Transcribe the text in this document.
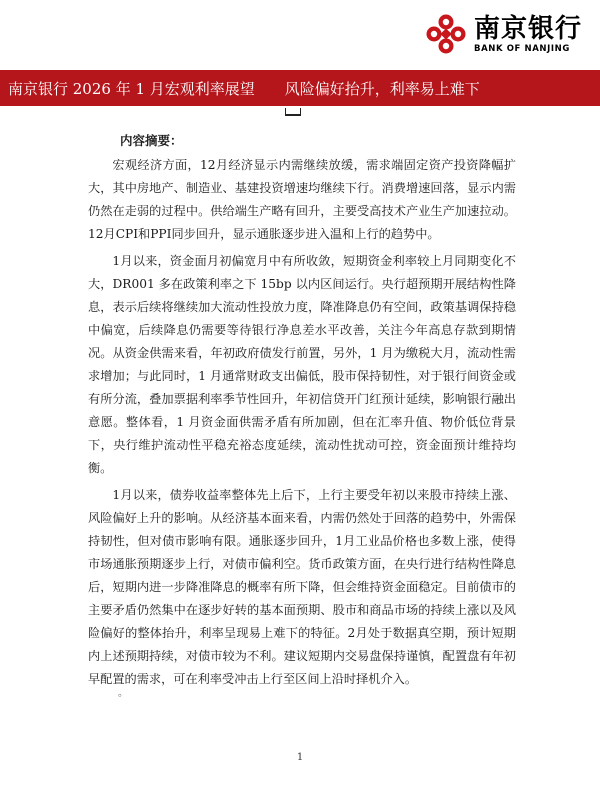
南京银行
BANK OF NANJING
南京银行 2026 年 1 月宏观利率展望 风险偏好抬升，利率易上难下
内容摘要：

宏观经济方面，12月经济显示内需继续放缓，需求端固定资产投资降幅扩大，其中房地产、制造业、基建投资增速均继续下行。消费增速回落，显示内需仍然在走弱的过程中。供给端生产略有回升，主要受高技术产业生产加速拉动。12月CPI和PPI同步回升，显示通胀逐步进入温和上行的趋势中。

1月以来，资金面月初偏宽月中有所收敛，短期资金利率较上月同期变化不大，DR001 多在政策利率之下 15bp 以内区间运行。央行超预期开展结构性降息，表示后续将继续加大流动性投放力度，降准降息仍有空间，政策基调保持稳中偏宽，后续降息仍需要等待银行净息差水平改善，关注今年高息存款到期情况。从资金供需来看，年初政府债发行前置，另外，1 月为缴税大月，流动性需求增加；与此同时，1 月通常财政支出偏低，股市保持韧性，对于银行间资金或有所分流，叠加票据利率季节性回升，年初信贷开门红预计延续，影响银行融出意愿。整体看，1 月资金面供需矛盾有所加剧，但在汇率升值、物价低位背景下，央行维护流动性平稳充裕态度延续，流动性扰动可控，资金面预计维持均衡。

1月以来，债券收益率整体先上后下，上行主要受年初以来股市持续上涨、风险偏好上升的影响。从经济基本面来看，内需仍然处于回落的趋势中，外需保持韧性，但对债市影响有限。通胀逐步回升，1月工业品价格也多数上涨，使得市场通胀预期逐步上行，对债市偏利空。货币政策方面，在央行进行结构性降息后，短期内进一步降准降息的概率有所下降，但会维持资金面稳定。目前债市的主要矛盾仍然集中在逐步好转的基本面预期、股市和商品市场的持续上涨以及风险偏好的整体抬升，利率呈现易上难下的特征。2月处于数据真空期，预计短期内上述预期持续，对债市较为不利。建议短期内交易盘保持谨慎，配置盘有年初早配置的需求，可在利率受冲击上行至区间上沿时择机介入。

。
1
